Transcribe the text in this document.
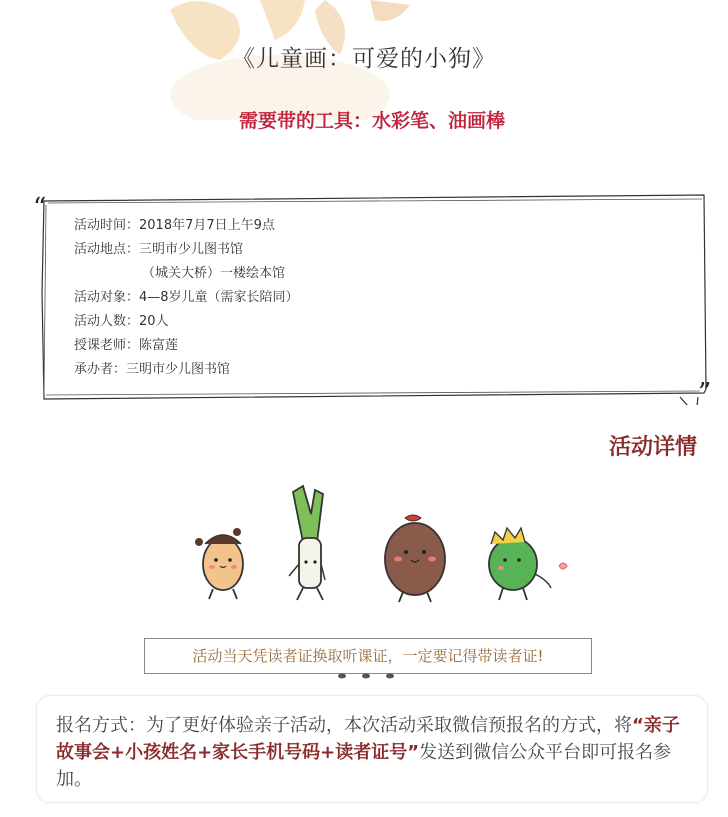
《儿童画：可爱的小狗》
需要带的工具：水彩笔、油画棒
“
”
活动时间：2018年7月7日上午9点
活动地点：三明市少儿图书馆
（城关大桥）一楼绘本馆
活动对象：4—8岁儿童（需家长陪同）
活动人数：20人
授课老师：陈富莲
承办者：三明市少儿图书馆
活动详情
活动当天凭读者证换取听课证，一定要记得带读者证!
报名方式：为了更好体验亲子活动，本次活动采取微信预报名的方式，将“亲子故事会+小孩姓名+家长手机号码+读者证号”发送到微信公众平台即可报名参加。
